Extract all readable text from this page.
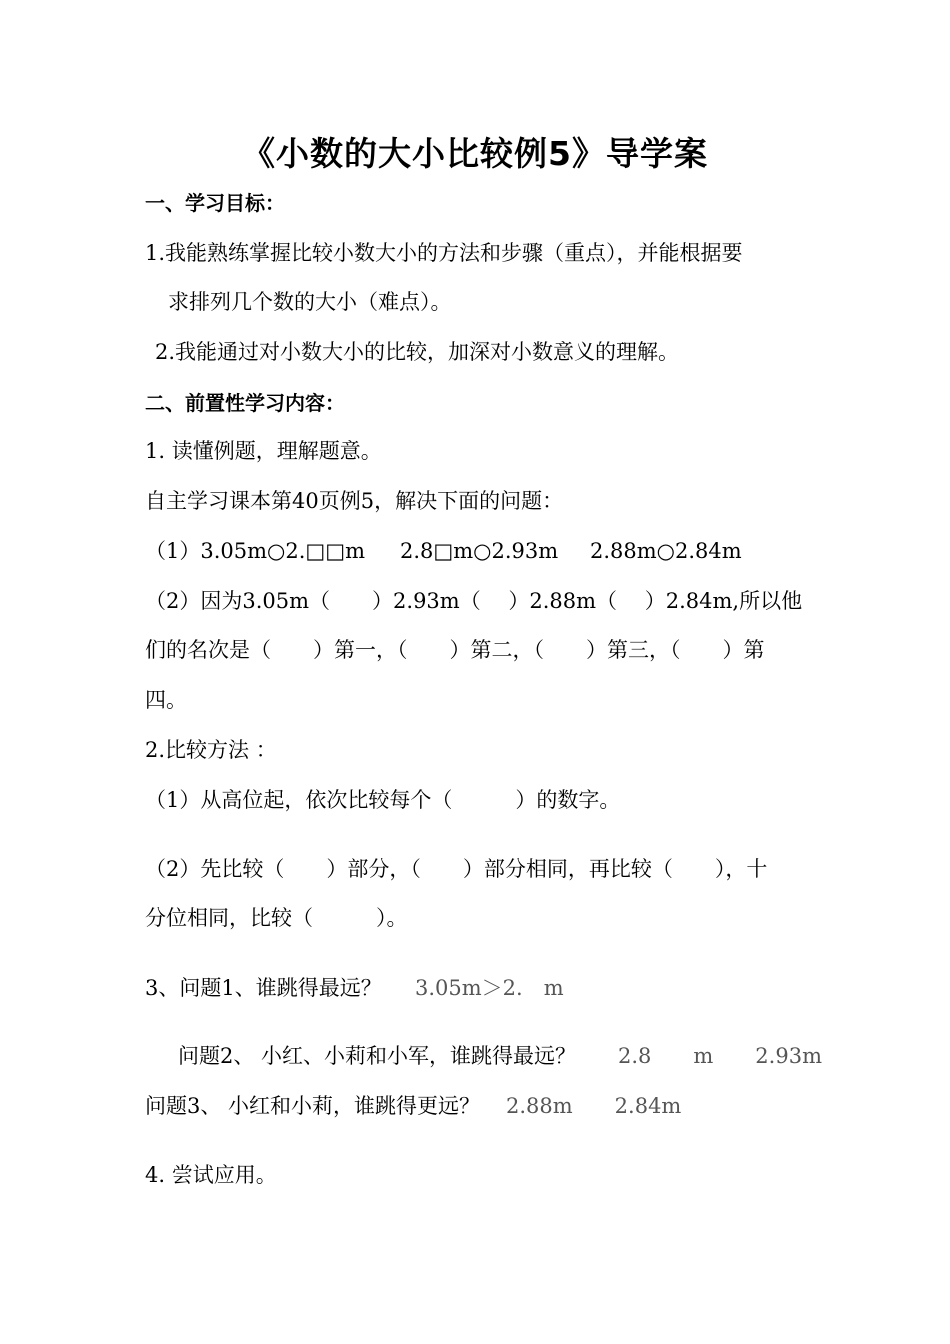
《小数的大小比较例5》导学案
一、学习目标：
1.我能熟练掌握比较小数大小的方法和步骤（重点），并能根据要
求排列几个数的大小（难点）。
2.我能通过对小数大小的比较，加深对小数意义的理解。
二、前置性学习内容：
1. 读懂例题，理解题意。
自主学习课本第40页例5，解决下面的问题：
（1）3.05m○2.□□m 2.8□m○2.93m 2.88m○2.84m
（2）因为3.05m（　　）2.93m（　 ）2.88m（　 ）2.84m,所以他
们的名次是（　　）第一，（　　）第二，（　　）第三，（　　）第
四。
2.比较方法 ：
（1）从高位起，依次比较每个（　　　）的数字。
（2）先比较（　　）部分，（　　）部分相同，再比较（　　），十
分位相同，比较（　　　）。
3、问题1、谁跳得最远？ 3.05m＞2.　m
问题2、 小红、小莉和小军，谁跳得最远？ 2.8　　m　　2.93m
问题3、 小红和小莉，谁跳得更远？ 2.88m　　2.84m
4. 尝试应用。
